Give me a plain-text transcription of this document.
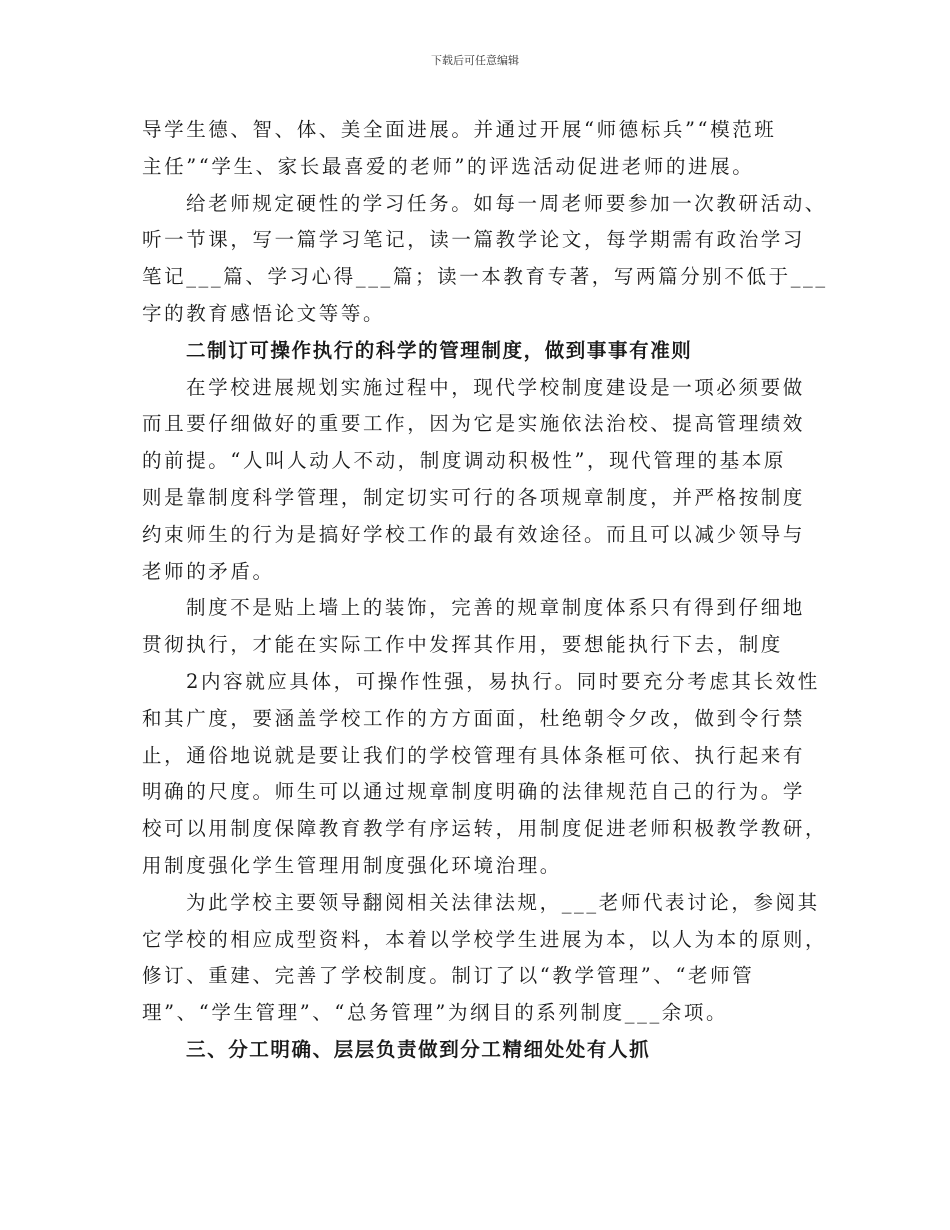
下载后可任意编辑

导学生德、智、体、美全面进展。并通过开展“师德标兵”“模范班
主任”“学生、家长最喜爱的老师”的评选活动促进老师的进展。

给老师规定硬性的学习任务。如每一周老师要参加一次教研活动、
听一节课，写一篇学习笔记，读一篇教学论文，每学期需有政治学习
笔记___篇、学习心得___篇；读一本教育专著，写两篇分别不低于___
字的教育感悟论文等等。

二制订可操作执行的科学的管理制度，做到事事有准则

在学校进展规划实施过程中，现代学校制度建设是一项必须要做
而且要仔细做好的重要工作，因为它是实施依法治校、提高管理绩效
的前提。“人叫人动人不动，制度调动积极性”，现代管理的基本原
则是靠制度科学管理，制定切实可行的各项规章制度，并严格按制度
约束师生的行为是搞好学校工作的最有效途径。而且可以减少领导与
老师的矛盾。

制度不是贴上墙上的装饰，完善的规章制度体系只有得到仔细地
贯彻执行，才能在实际工作中发挥其作用，要想能执行下去，制度

2内容就应具体，可操作性强，易执行。同时要充分考虑其长效性
和其广度，要涵盖学校工作的方方面面，杜绝朝令夕改，做到令行禁
止，通俗地说就是要让我们的学校管理有具体条框可依、执行起来有
明确的尺度。师生可以通过规章制度明确的法律规范自己的行为。学
校可以用制度保障教育教学有序运转，用制度促进老师积极教学教研，
用制度强化学生管理用制度强化环境治理。

为此学校主要领导翻阅相关法律法规，___老师代表讨论，参阅其
它学校的相应成型资料，本着以学校学生进展为本，以人为本的原则，
修订、重建、完善了学校制度。制订了以“教学管理”、“老师管
理”、“学生管理”、“总务管理”为纲目的系列制度___余项。

三、分工明确、层层负责做到分工精细处处有人抓
